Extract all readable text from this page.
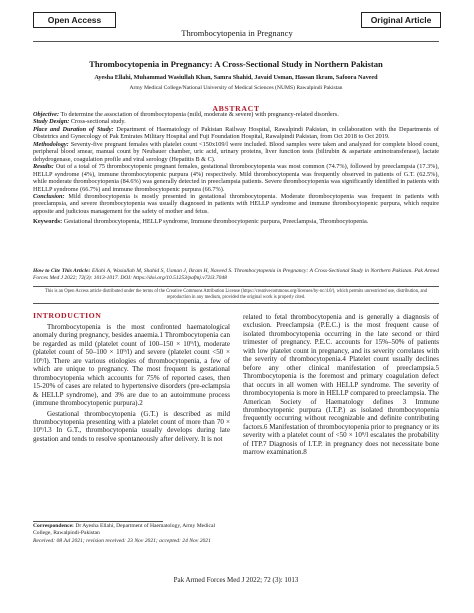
Open Access
Thrombocytopenia in Pregnancy
Original Article
Thrombocytopenia in Pregnancy: A Cross-Sectional Study in Northern Pakistan
Ayesha Ellahi, Muhammad Wasiullah Khan, Samra Shahid, Javaid Usman, Hassan Ikram, Safoora Naveed
Army Medical College/National University of Medical Sciences (NUMS) Rawalpindi Pakistan
ABSTRACT

Objective: To determine the association of thrombocytopenia (mild, moderate & severe) with pregnancy-related disorders.

Study Design: Cross-sectional study.

Place and Duration of Study: Department of Haematology of Pakistan Railway Hospital, Rawalpindi Pakistan, in collaboration with the Departments of Obstetrics and Gynecology of Pak Emirates Military Hospital and Fuji Foundation Hospital, Rawalpindi Pakistan, from Oct 2018 to Oct 2019.

Methodology: Seventy-five pregnant females with platelet count <150x109/l were included. Blood samples were taken and analyzed for complete blood count, peripheral blood smear, manual count by Neubauer chamber, uric acid, urinary proteins, liver function tests (bilirubin & aspartate aminotransferase), lactate dehydrogenase, coagulation profile and viral serology (Hepatitis B & C).

Results: Out of a total of 75 thrombocytopenic pregnant females, gestational thrombocytopenia was most common (74.7%), followed by preeclampsia (17.3%), HELLP syndrome (4%), immune thrombocytopenic purpura (4%) respectively. Mild thrombocytopenia was frequently observed in patients of G.T. (62.5%), while moderate thrombocytopenia (84.6%) was generally detected in preeclampsia patients. Severe thrombocytopenia was significantly identified in patients with HELLP syndrome (66.7%) and immune thrombocytopenic purpura (66.7%).

Conclusion: Mild thrombocytopenia is mostly presented in gestational thrombocytopenia. Moderate thrombocytopenia was frequent in patients with preeclampsia, and severe thrombocytopenia was usually diagnosed in patients with HELLP syndrome and immune thrombocytopenic purpura, which require apposite and judicious management for the safety of mother and fetus.

Keywords: Gestational thrombocytopenia, HELLP syndrome, Immune thrombocytopenic purpura, Preeclampsia, Thrombocytopenia.

How to Cite This Article: Ellahi A, Wasiullah M, Shahid S, Usman J, Ikram H, Naveed S. Thrombocytopenia in Pregnancy: A Cross-Sectional Study in Northern Pakistan. Pak Armed Forces Med J 2022; 72(3): 1013-1017. DOI: https://doi.org/10.51253/pafmj.v72i3.7048
This is an Open Access article distributed under the terms of the Creative Commons Attribution License (https://creativecommons.org/licenses/by-nc/4.0/), which permits unrestricted use, distribution, and reproduction in any medium, provided the original work is properly cited.
INTRODUCTION

Thrombocytopenia is the most confronted haematological anomaly during pregnancy, besides anaemia.1 Thrombocytopenia can be regarded as mild (platelet count of 100–150 × 10⁹/l), moderate (platelet count of 50–100 × 10⁹/l) and severe (platelet count <50 × 10⁹/l). There are various etiologies of thrombocytopenia, a few of which are unique to pregnancy. The most frequent is gestational thrombocytopenia which accounts for 75% of reported cases, then 15-20% of cases are related to hypertensive disorders (pre-eclampsia & HELLP syndrome), and 3% are due to an autoimmune process (immune thrombocytopenic purpura).2

Gestational thrombocytopenia (G.T.) is described as mild thrombocytopenia presenting with a platelet count of more than 70 × 10⁹/l.3 In G.T., thrombocytopenia usually develops during late gestation and tends to resolve spontaneously after delivery. It is not

related to fetal thrombocytopenia and is generally a diagnosis of exclusion. Preeclampsia (P.E.C.) is the most frequent cause of isolated thrombocytopenia occurring in the late second or third trimester of pregnancy. P.E.C. accounts for 15%–50% of patients with low platelet count in pregnancy, and its severity correlates with the severity of thrombocytopenia.4 Platelet count usually declines before any other clinical manifestation of preeclampsia.5 Thrombocytopenia is the foremost and primary coagulation defect that occurs in all women with HELLP syndrome. The severity of thrombocytopenia is more in HELLP compared to preeclampsia. The American Society of Haematology defines 3 Immune thrombocytopenic purpura (I.T.P.) as isolated thrombocytopenia frequently occurring without recognizable and definite contributing factors.6 Manifestation of thrombocytopenia prior to pregnancy or its severity with a platelet count of <50 × 10⁹/l escalates the probability of ITP.7 Diagnosis of I.T.P. in pregnancy does not necessitate bone marrow examination.8

Correspondence: Dr Ayesha Ellahi, Department of Haematology, Army Medical College, Rawalpindi-Pakistan
Received: 08 Jul 2021; revision received: 23 Nov 2021; accepted: 24 Nov 2021
Pak Armed Forces Med J 2022; 72 (3): 1013
